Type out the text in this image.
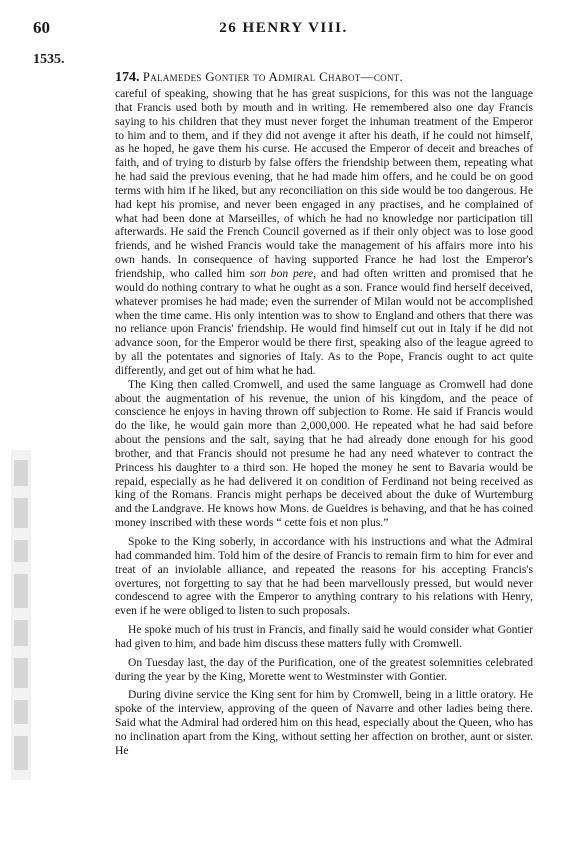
60	26 HENRY VIII.
1535.
174. Palamedes Gontier to Admiral Chabot—cont.

careful of speaking, showing that he has great suspicions, for this was not the language that Francis used both by mouth and in writing. He remembered also one day Francis saying to his children that they must never forget the inhuman treatment of the Emperor to him and to them, and if they did not avenge it after his death, if he could not himself, as he hoped, he gave them his curse. He accused the Emperor of deceit and breaches of faith, and of trying to disturb by false offers the friendship between them, repeating what he had said the previous evening, that he had made him offers, and he could be on good terms with him if he liked, but any reconciliation on this side would be too dangerous. He had kept his promise, and never been engaged in any practises, and he complained of what had been done at Marseilles, of which he had no knowledge nor participation till afterwards. He said the French Council governed as if their only object was to lose good friends, and he wished Francis would take the management of his affairs more into his own hands. In consequence of having supported France he had lost the Emperor's friendship, who called him son bon pere, and had often written and promised that he would do nothing contrary to what he ought as a son. France would find herself deceived, whatever promises he had made; even the surrender of Milan would not be accomplished when the time came. His only intention was to show to England and others that there was no reliance upon Francis' friendship. He would find himself cut out in Italy if he did not advance soon, for the Emperor would be there first, speaking also of the league agreed to by all the potentates and signories of Italy. As to the Pope, Francis ought to act quite differently, and get out of him what he had.

The King then called Cromwell, and used the same language as Cromwell had done about the augmentation of his revenue, the union of his kingdom, and the peace of conscience he enjoys in having thrown off subjection to Rome. He said if Francis would do the like, he would gain more than 2,000,000. He repeated what he had said before about the pensions and the salt, saying that he had already done enough for his good brother, and that Francis should not presume he had any need whatever to contract the Princess his daughter to a third son. He hoped the money he sent to Bavaria would be repaid, especially as he had delivered it on condition of Ferdinand not being received as king of the Romans. Francis might perhaps be deceived about the duke of Wurtemburg and the Landgrave. He knows how Mons. de Gueldres is behaving, and that he has coined money inscribed with these words “ cette fois et non plus.”

Spoke to the King soberly, in accordance with his instructions and what the Admiral had commanded him. Told him of the desire of Francis to remain firm to him for ever and treat of an inviolable alliance, and repeated the reasons for his accepting Francis's overtures, not forgetting to say that he had been marvellously pressed, but would never condescend to agree with the Emperor to anything contrary to his relations with Henry, even if he were obliged to listen to such proposals.

He spoke much of his trust in Francis, and finally said he would consider what Gontier had given to him, and bade him discuss these matters fully with Cromwell.

On Tuesday last, the day of the Purification, one of the greatest solemnities celebrated during the year by the King, Morette went to Westminster with Gontier.

During divine service the King sent for him by Cromwell, being in a little oratory. He spoke of the interview, approving of the queen of Navarre and other ladies being there. Said what the Admiral had ordered him on this head, especially about the Queen, who has no inclination apart from the King, without setting her affection on brother, aunt or sister. He
